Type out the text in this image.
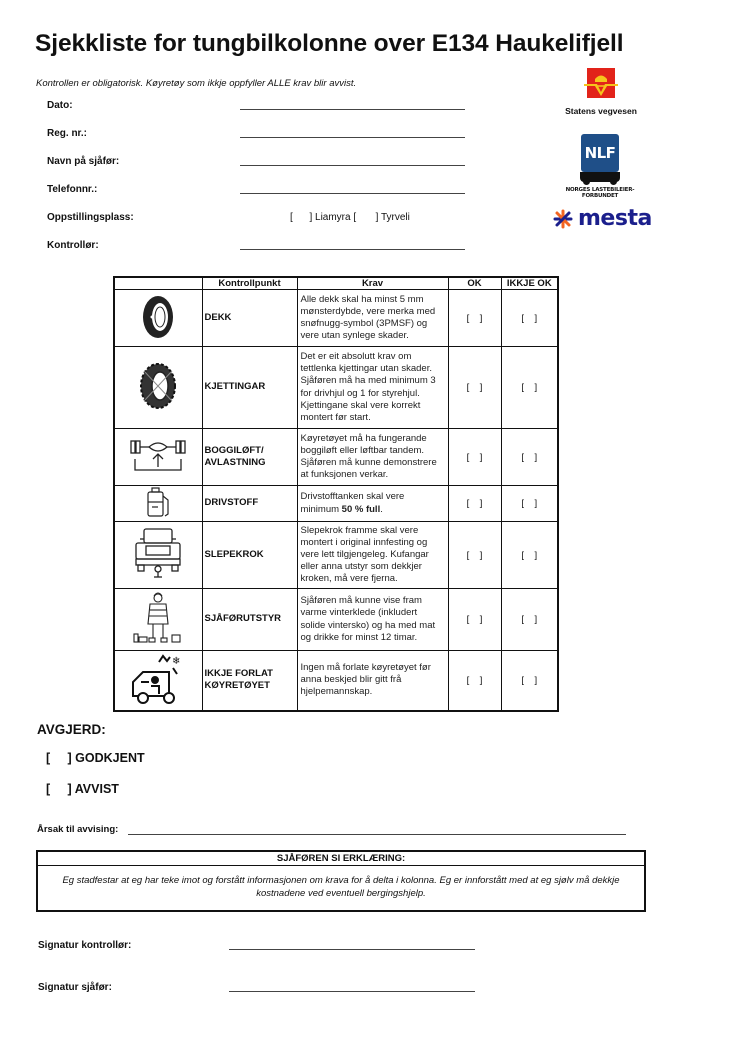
Sjekkliste for tungbilkolonne over E134 Haukelifjell
Kontrollen er obligatorisk. Køyretøy som ikkje oppfyller ALLE krav blir avvist.
Dato:
Reg. nr.:
Navn på sjåfør:
Telefonnr.:
Oppstillingsplass:	[      ] Liamyra [       ] Tyrveli
Kontrollør:
Statens vegvesen
NLF
NORGES LASTEBILEIER-FORBUNDET
mesta
	Kontrollpunkt	Krav	OK	IKKJE OK
	DEKK	Alle dekk skal ha minst 5 mm mønsterdybde, vere merka med snøfnugg-symbol (3PMSF) og vere utan synlege skader.	[    ]	[    ]
	KJETTINGAR	Det er eit absolutt krav om tettlenka kjettingar utan skader. Sjåføren må ha med minimum 3 for drivhjul og 1 for styrehjul. Kjettingane skal vere korrekt montert før start.	[    ]	[    ]
	BOGGILØFT/ AVLASTNING	Køyretøyet må ha fungerande boggiløft eller løftbar tandem. Sjåføren må kunne demonstrere at funksjonen verkar.	[    ]	[    ]
	DRIVSTOFF	Drivstofftanken skal vere minimum 50 % full.	[    ]	[    ]
	SLEPEKROK	Slepekrok framme skal vere montert i original innfesting og vere lett tilgjengeleg. Kufangar eller anna utstyr som dekkjer kroken, må vere fjerna.	[    ]	[    ]
	SJÅFØRUTSTYR	Sjåføren må kunne vise fram varme vinterklede (inkludert solide vintersko) og ha med mat og drikke for minst 12 timar.	[    ]	[    ]

❄	IKKJE FORLAT KØYRETØYET	Ingen må forlate køyretøyet før anna beskjed blir gitt frå hjelpemannskap.	[    ]	[    ]
AVGJERD:
[     ] GODKJENT
[     ] AVVIST
Årsak til avvising:
SJÅFØREN SI ERKLÆRING:
Eg stadfestar at eg har teke imot og forstått informasjonen om krava for å delta i kolonna. Eg er innforstått med at eg sjølv må dekkje kostnadene ved eventuell bergingshjelp.
Signatur kontrollør:
Signatur sjåfør:
